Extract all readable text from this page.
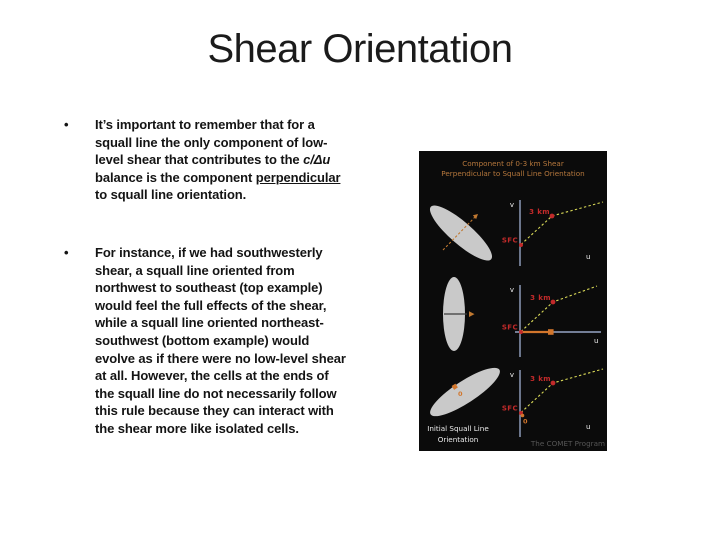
Shear Orientation
•	It’s important to remember that for a
squall line the only component of low-
level shear that contributes to the c/Δu
balance is the component perpendicular
to squall line orientation.
•	For instance, if we had southwesterly
shear, a squall line oriented from
northwest to southeast (top example)
would feel the full effects of the shear,
while a squall line oriented northeast-
southwest (bottom example) would
evolve as if there were no low-level shear
at all. However, the cells at the ends of
the squall line do not necessarily follow
this rule because they can interact with
the shear more like isolated cells.
Component of 0-3 km Shear
Perpendicular to Squall Line Orientation
v
SFC
3 km
u
v
u
SFC
3 km
0
v
SFC
3 km
0
u
Initial Squall Line
Orientation	The COMET Program
